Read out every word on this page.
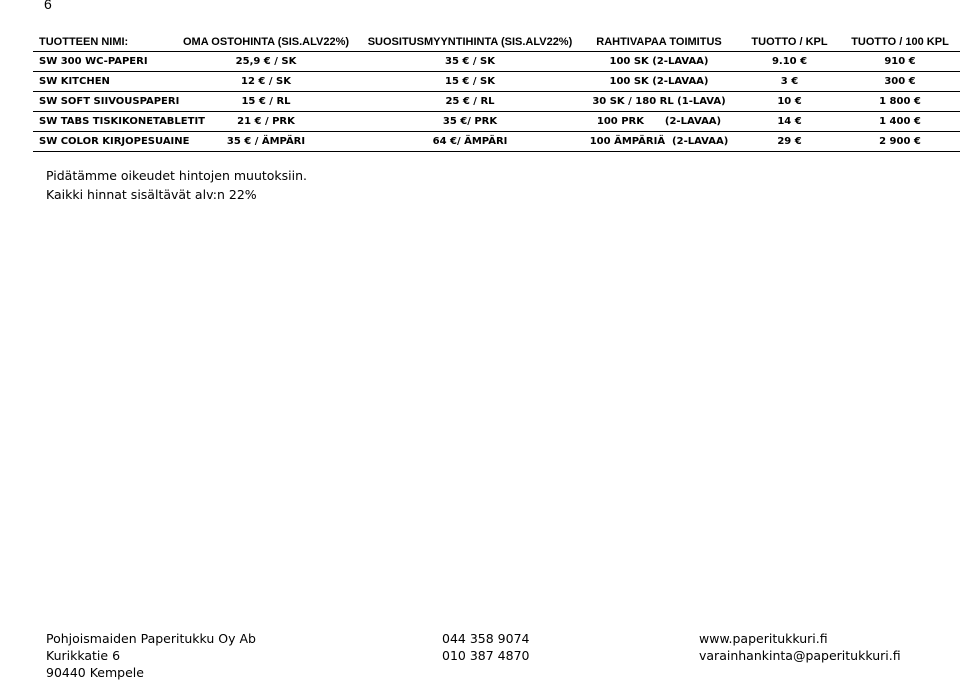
6
TUOTTEEN NIMI:	OMA OSTOHINTA (SIS.ALV22%)	SUOSITUSMYYNTIHINTA (SIS.ALV22%)	RAHTIVAPAA TOIMITUS	TUOTTO / KPL	TUOTTO / 100 KPL
SW 300 WC-PAPERI	25,9 € / SK	35 € / SK	100 SK (2-LAVAA)	9.10 €	910 €
SW KITCHEN	12 € / SK	15 € / SK	100 SK (2-LAVAA)	3 €	300 €
SW SOFT SIIVOUSPAPERI	15 € / RL	25 € / RL	30 SK / 180 RL (1-LAVA)	10 €	1 800 €
SW TABS TISKIKONETABLETIT	21 € / PRK	35 €/ PRK	100 PRK      (2-LAVAA)	14 €	1 400 €
SW COLOR KIRJOPESUAINE	35 € / ÄMPÄRI	64 €/ ÄMPÄRI	100 ÄMPÄRIÄ  (2-LAVAA)	29 €	2 900 €
Pidätämme oikeudet hintojen muutoksiin.
Kaikki hinnat sisältävät alv:n 22%
Pohjoismaiden Paperitukku Oy Ab
Kurikkatie 6
90440 Kempele
044 358 9074
010 387 4870
www.paperitukkuri.fi
varainhankinta@paperitukkuri.fi
